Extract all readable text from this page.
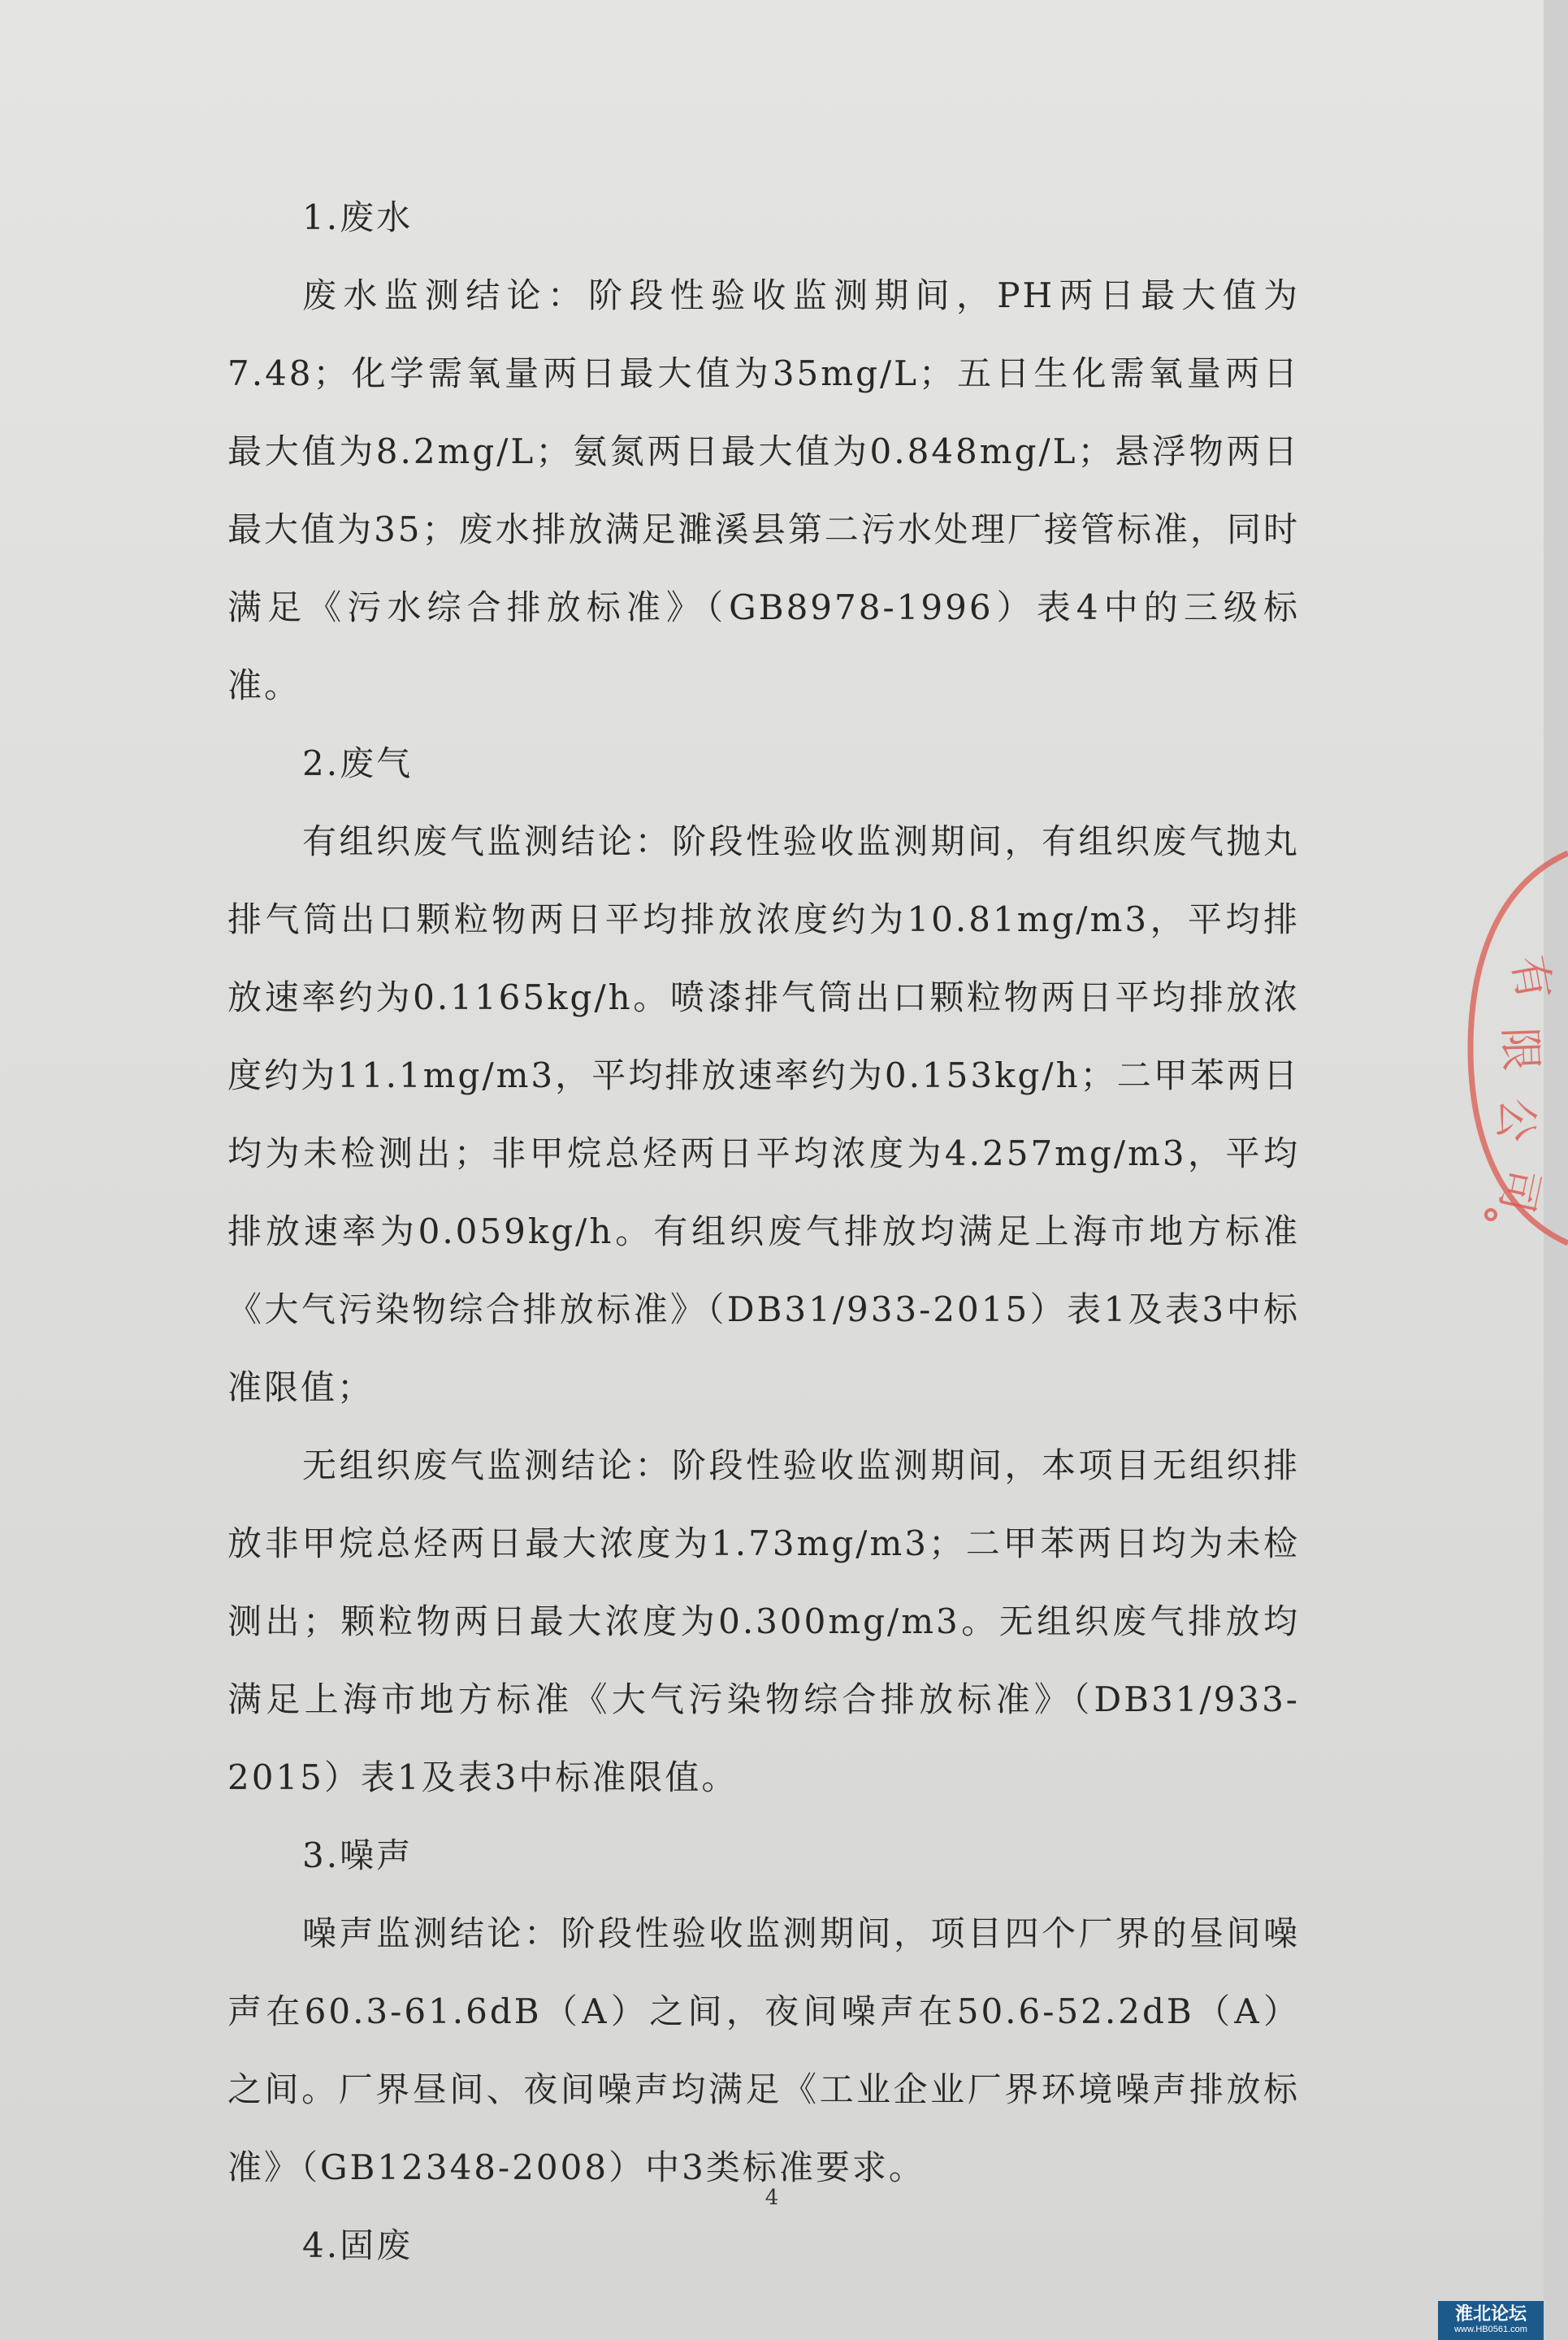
1.废水

废水监测结论：阶段性验收监测期间，PH两日最大值为7.48；化学需氧量两日最大值为35mg/L；五日生化需氧量两日最大值为8.2mg/L；氨氮两日最大值为0.848mg/L；悬浮物两日最大值为35；废水排放满足濉溪县第二污水处理厂接管标准，同时满足《污水综合排放标准》（GB8978-1996）表4中的三级标准。

2.废气

有组织废气监测结论：阶段性验收监测期间，有组织废气抛丸排气筒出口颗粒物两日平均排放浓度约为10.81mg/m3，平均排放速率约为0.1165kg/h。喷漆排气筒出口颗粒物两日平均排放浓度约为11.1mg/m3，平均排放速率约为0.153kg/h；二甲苯两日均为未检测出；非甲烷总烃两日平均浓度为4.257mg/m3，平均排放速率为0.059kg/h。有组织废气排放均满足上海市地方标准《大气污染物综合排放标准》（DB31/933-2015）表1及表3中标准限值；

无组织废气监测结论：阶段性验收监测期间，本项目无组织排放非甲烷总烃两日最大浓度为1.73mg/m3；二甲苯两日均为未检测出；颗粒物两日最大浓度为0.300mg/m3。无组织废气排放均满足上海市地方标准《大气污染物综合排放标准》（DB31/933-2015）表1及表3中标准限值。

3.噪声

噪声监测结论：阶段性验收监测期间，项目四个厂界的昼间噪声在60.3-61.6dB（A）之间，夜间噪声在50.6-52.2dB（A）之间。厂界昼间、夜间噪声均满足《工业企业厂界环境噪声排放标准》（GB12348-2008）中3类标准要求。

4.固废
4
有
限
公
司
淮北论坛
www.HB0561.com
